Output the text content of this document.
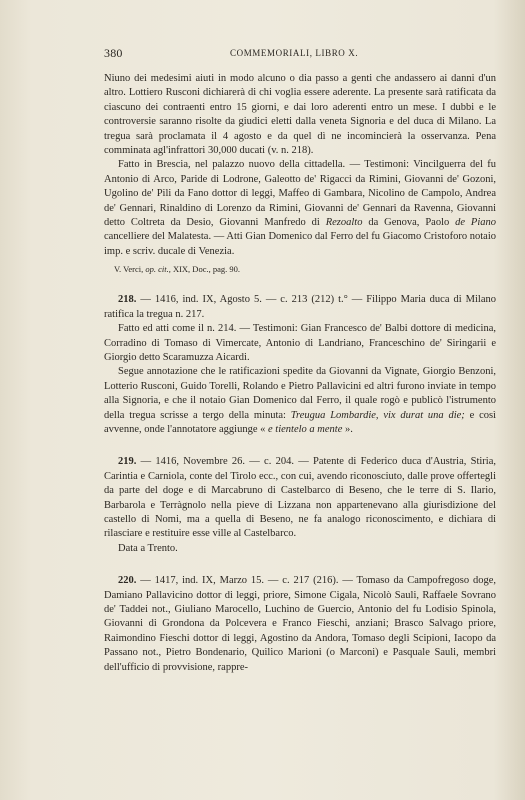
380	COMMEMORIALI, LIBRO X.

Niuno dei medesimi aiuti in modo alcuno o dia passo a genti che andassero ai danni d'un altro. Lottiero Rusconi dichiarerà di chi voglia essere aderente. La presente sarà ratificata da ciascuno dei contraenti entro 15 giorni, e dai loro aderenti entro un mese. I dubbi e le controversie saranno risolte da giudici eletti dalla veneta Signoria e del duca di Milano. La tregua sarà proclamata il 4 agosto e da quel dì ne incomincierà la osservanza. Pena comminata agl'infrattori 30,000 ducati (v. n. 218).

Fatto in Brescia, nel palazzo nuovo della cittadella. — Testimoni: Vincilguerra del fu Antonio di Arco, Paride di Lodrone, Galeotto de' Rigacci da Rimini, Giovanni de' Gozoni, Ugolino de' Pili da Fano dottor di leggi, Maffeo di Gambara, Nicolino de Campolo, Andrea de' Gennari, Rinaldino di Lorenzo da Rimini, Giovanni de' Gennari da Ravenna, Giovanni detto Coltreta da Desio, Giovanni Manfredo di Rezoalto da Genova, Paolo de Piano cancelliere del Malatesta. — Atti Gian Domenico dal Ferro del fu Giacomo Cristoforo notaio imp. e scriv. ducale di Venezia.

V. Verci, op. cit., XIX, Doc., pag. 90.

218. — 1416, ind. IX, Agosto 5. — c. 213 (212) t.° — Filippo Maria duca di Milano ratifica la tregua n. 217.

Fatto ed atti come il n. 214. — Testimoni: Gian Francesco de' Balbi dottore di medicina, Corradino di Tomaso di Vimercate, Antonio di Landriano, Franceschino de' Siringarii e Giorgio detto Scaramuzza Aicardi.

Segue annotazione che le ratificazioni spedite da Giovanni da Vignate, Giorgio Benzoni, Lotterio Rusconi, Guido Torelli, Rolando e Pietro Pallavicini ed altri furono inviate in tempo alla Signoria, e che il notaio Gian Domenico dal Ferro, il quale rogò e publicò l'istrumento della tregua scrisse a tergo della minuta: Treugua Lombardie, vix durat una die; e così avvenne, onde l'annotatore aggiunge « e tientelo a mente ».

219. — 1416, Novembre 26. — c. 204. — Patente di Federico duca d'Austria, Stiria, Carintia e Carniola, conte del Tirolo ecc., con cui, avendo riconosciuto, dalle prove offertegli da parte del doge e di Marcabruno di Castelbarco di Beseno, che le terre di S. Ilario, Barbarola e Terràgnolo nella pieve di Lizzana non appartenevano alla giurisdizione del castello di Nomi, ma a quella di Beseno, ne fa analogo riconoscimento, e dichiara di rilasciare e restituire esse ville al Castelbarco.

Data a Trento.

220. — 1417, ind. IX, Marzo 15. — c. 217 (216). — Tomaso da Campofregoso doge, Damiano Pallavicino dottor di leggi, priore, Simone Cigala, Nicolò Sauli, Raffaele Sovrano de' Taddei not., Giuliano Marocello, Luchino de Guercio, Antonio del fu Lodisio Spinola, Giovanni di Grondona da Polcevera e Franco Fieschi, anziani; Brasco Salvago priore, Raimondino Fieschi dottor di leggi, Agostino da Andora, Tomaso degli Scipioni, Iacopo da Passano not., Pietro Bondenario, Quilico Marioni (o Marconi) e Pasquale Sauli, membri dell'ufficio di provvisione, rappre-
